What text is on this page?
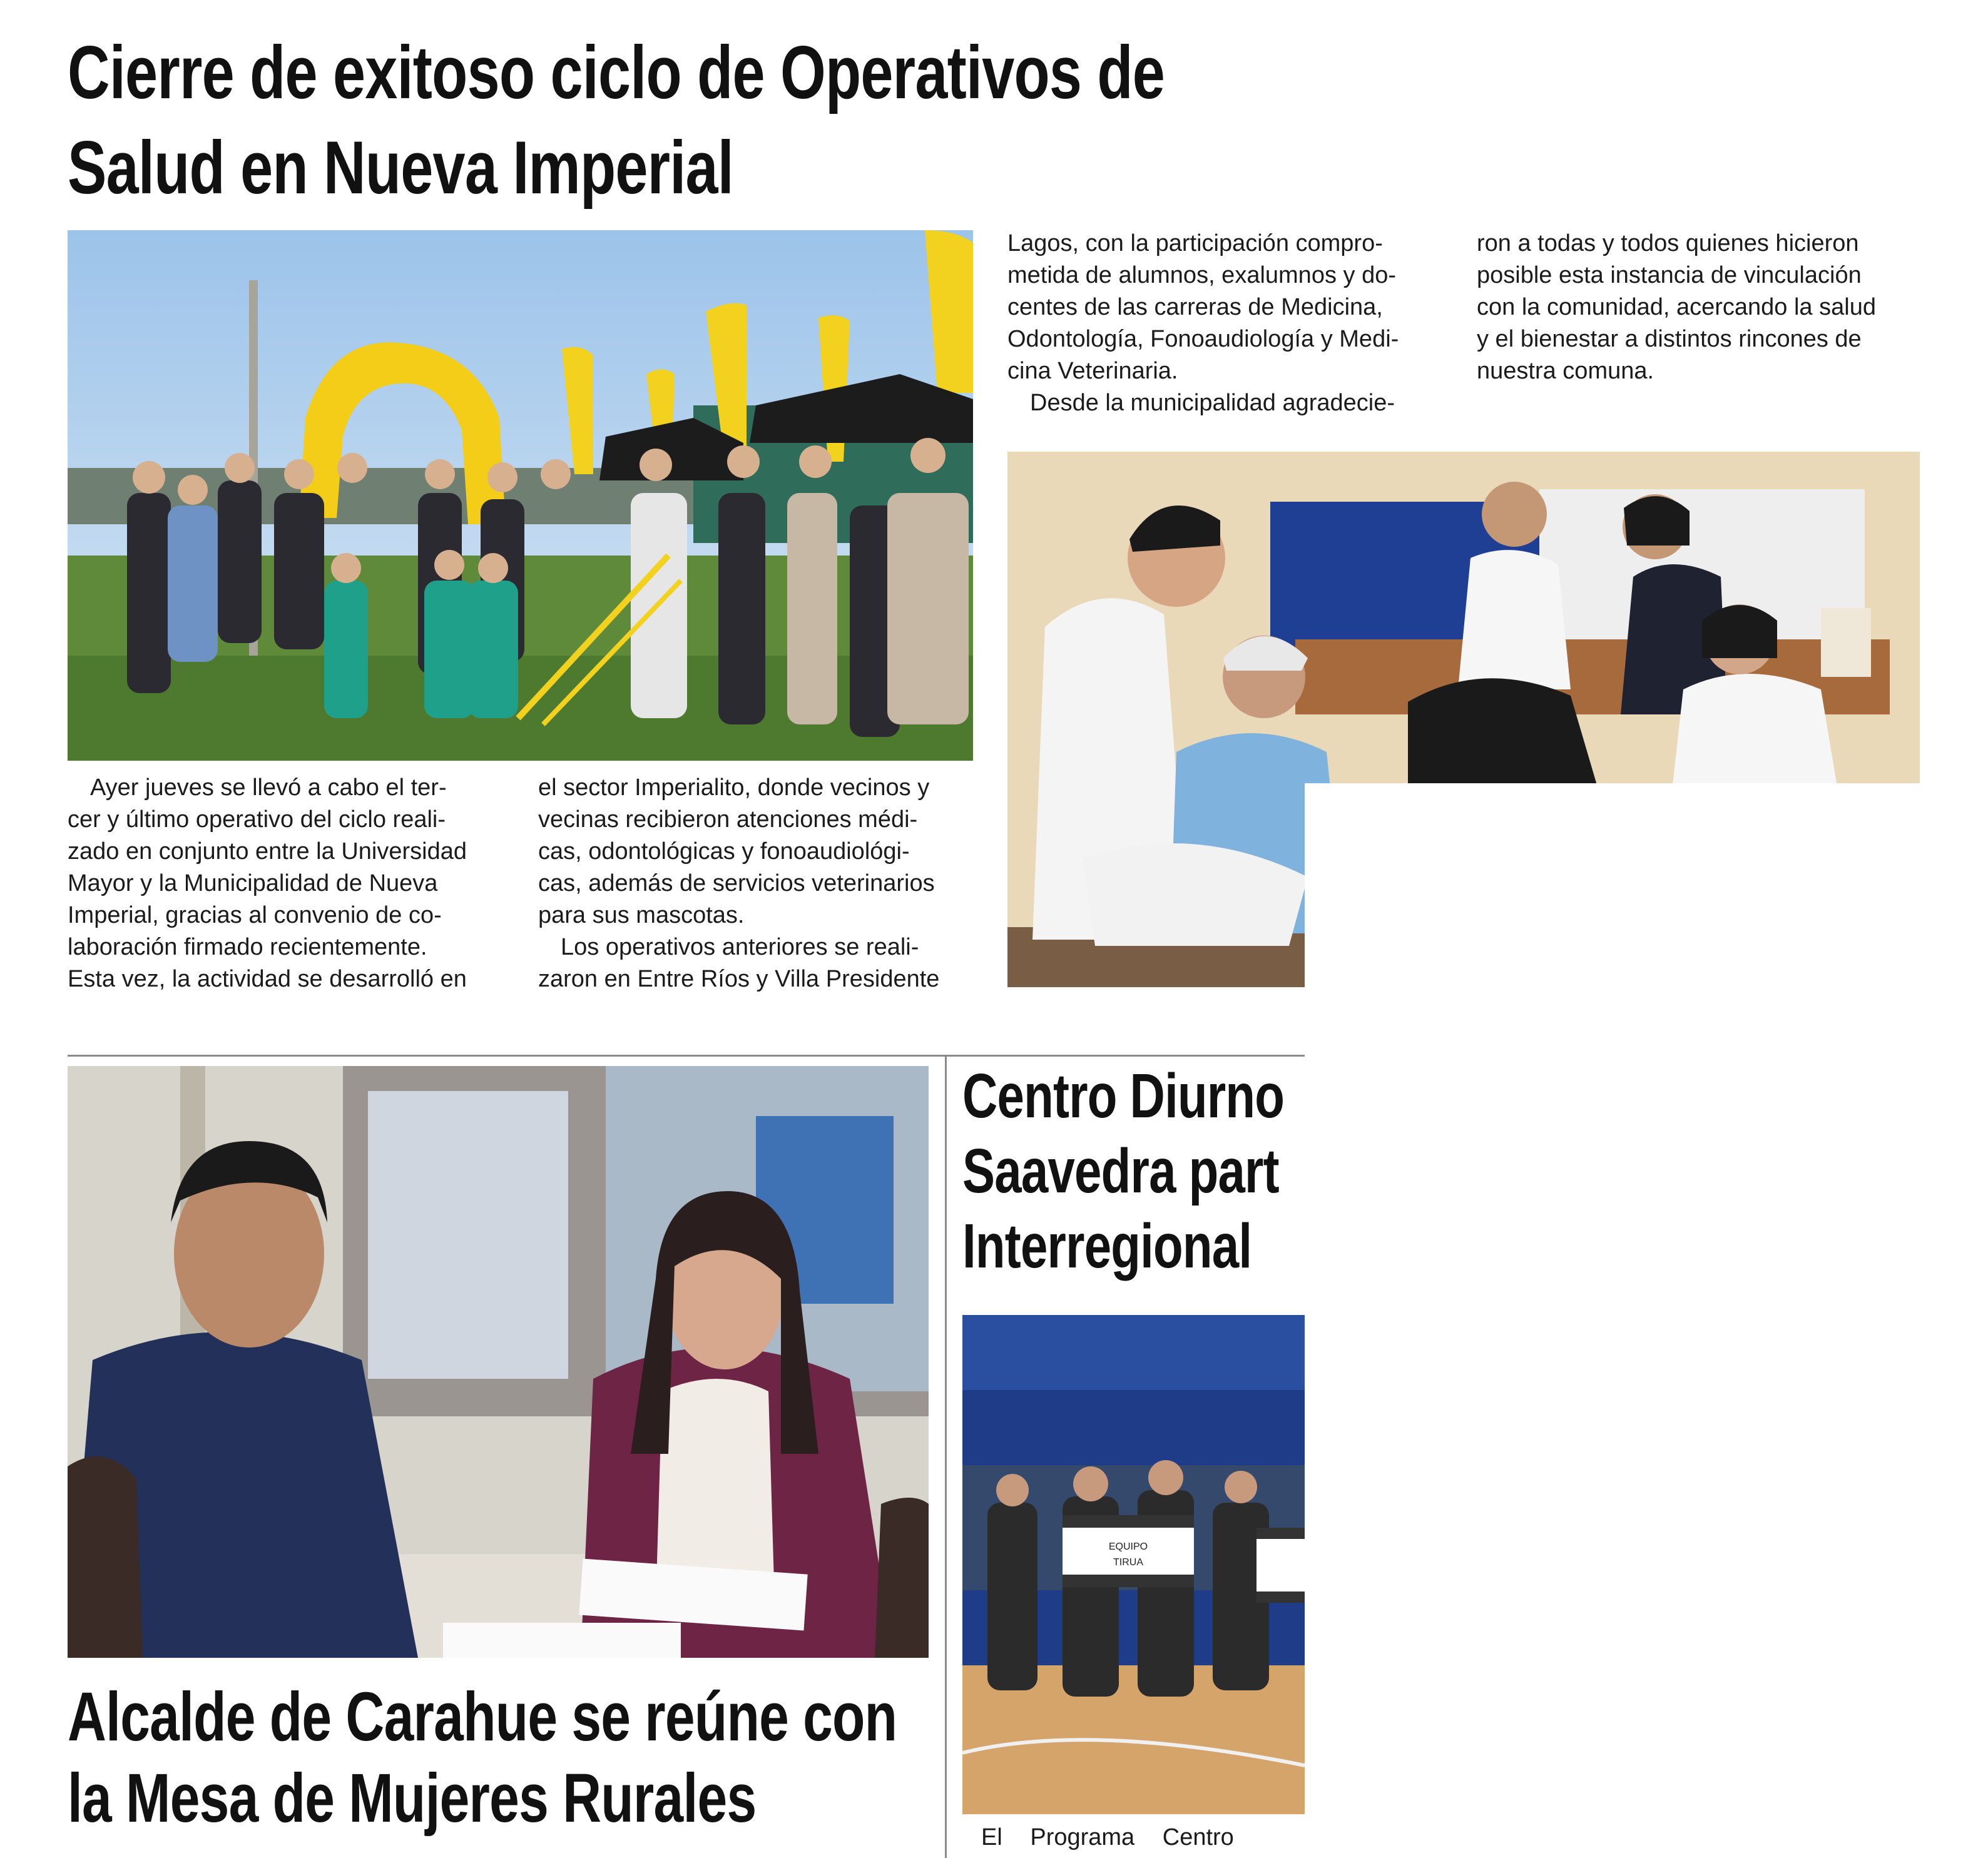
Cierre de exitoso ciclo de Operativos de
Salud en Nueva Imperial

Ayer jueves se llevó a cabo el ter-

cer y último operativo del ciclo reali-

zado en conjunto entre la Universidad

Mayor y la Municipalidad de Nueva

Imperial, gracias al convenio de co-

laboración firmado recientemente.

Esta vez, la actividad se desarrolló en

el sector Imperialito, donde vecinos y

vecinas recibieron atenciones médi-

cas, odontológicas y fonoaudiológi-

cas, además de servicios veterinarios

para sus mascotas.

Los operativos anteriores se reali-

zaron en Entre Ríos y Villa Presidente

Lagos, con la participación compro-

metida de alumnos, exalumnos y do-

centes de las carreras de Medicina,

Odontología, Fonoaudiología y Medi-

cina Veterinaria.

Desde la municipalidad agradecie-

ron a todas y todos quienes hicieron

posible esta instancia de vinculación

con la comunidad, acercando la salud

y el bienestar a distintos rincones de

nuestra comuna.

Alcalde de Carahue se reúne con
la Mesa de Mujeres Rurales
Centro Diurno
Saavedra part
Interregional
EQUIPO
TIRUA

El Programa Centro
